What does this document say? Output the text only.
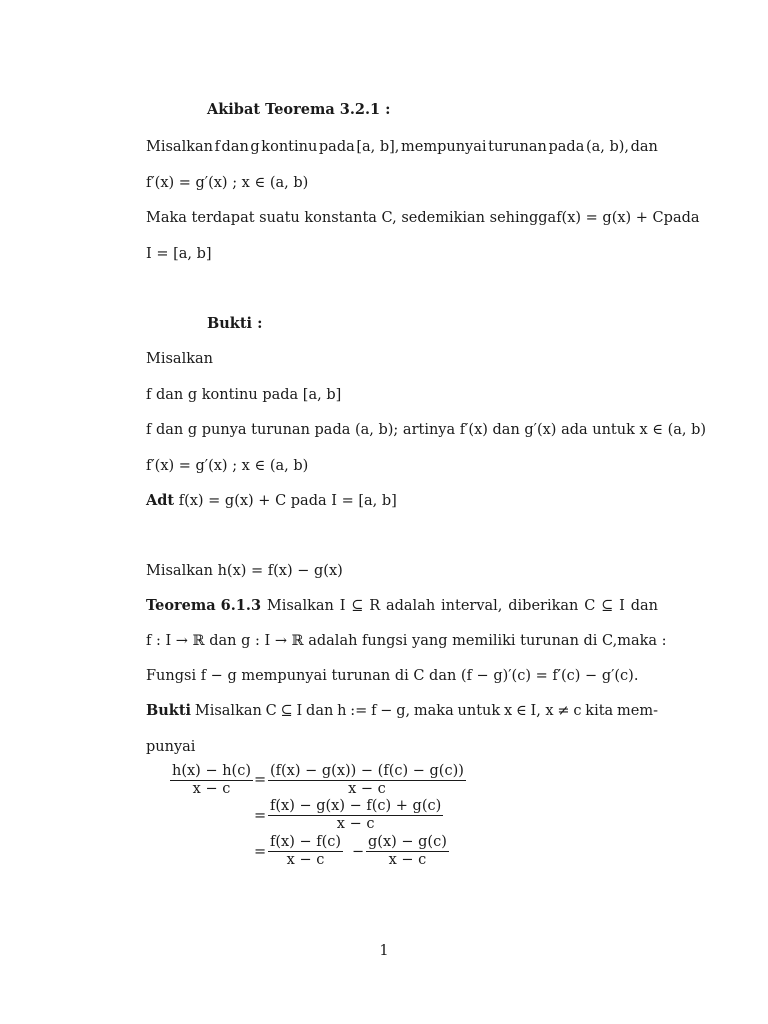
Akibat Teorema 3.2.1 :
Misalkan f dan g kontinu pada [a, b], mempunyai turunan pada (a, b), dan
f′(x) = g′(x) ; x ∈ (a, b)
Maka terdapat suatu konstanta C, sedemikian sehingga f(x) = g(x) + C pada
I = [a, b]
Bukti :
Misalkan
f dan g kontinu pada [a, b]
f dan g punya turunan pada (a, b); artinya f′(x) dan g′(x) ada untuk x ∈ (a, b)
f′(x) = g′(x) ; x ∈ (a, b)
Adt f(x) = g(x) + C pada I = [a, b]
Misalkan h(x) = f(x) − g(x)
Teorema 6.1.3 Misalkan I ⊆ R adalah interval, diberikan C ⊆ I dan
f : I → ℝ dan g : I → ℝ adalah fungsi yang memiliki turunan di C,maka :
Fungsi f − g mempunyai turunan di C dan (f − g)′(c) = f′(c) − g′(c).
Bukti Misalkan C ⊆ I dan h := f − g, maka untuk x ∈ I, x ≠ c kita mem-
punyai
$\frac{h(x) - h(c)}{x - c} = \frac{(f(x) - g(x)) - (f(c) - g(c))}{x - c}$
= $\frac{f(x) - g(x) - f(c) + g(c)}{x - c}$
= $\frac{f(x) - f(c)}{x - c} - \frac{g(x) - g(c)}{x - c}$
1
